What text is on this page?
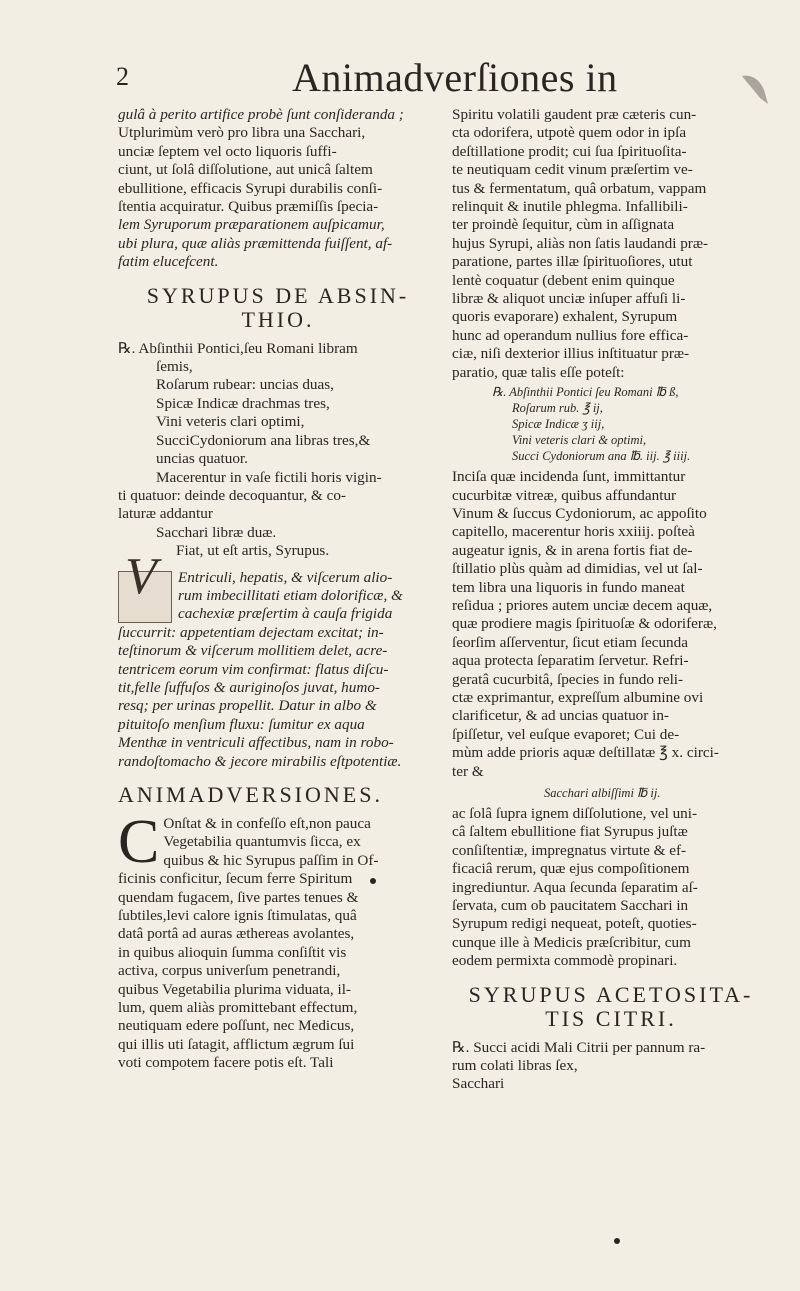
2	Animadverſiones in

gulâ à perito artifice probè ſunt conſideranda ;

Utplurimùm verò pro libra una Sacchari,

unciæ ſeptem vel octo liquoris ſuffi-

ciunt, ut ſolâ diſſolutione, aut unicâ ſaltem

ebullitione, efficacis Syrupi durabilis conſi-

ſtentia acquiratur. Quibus præmiſſis ſpecia-

lem Syruporum præparationem auſpicamur,

ubi plura, quæ aliàs præmittenda fuiſſent, af-

fatim elucefcent.

SYRUPUS DE ABSIN-
THIO.

℞. Abſinthii Pontici,ſeu Romani libram

ſemis,

Roſarum rubear: uncias duas,

Spicæ Indicæ drachmas tres,

Vini veteris clari optimi,

SucciCydoniorum ana libras tres,&

uncias quatuor.

Macerentur in vaſe fictili horis vigin-

ti quatuor: deinde decoquantur, & co-

laturæ addantur

Sacchari libræ duæ.

Fiat, ut eſt artis, Syrupus.

V	Entriculi, hepatis, & viſcerum alio-

rum imbecillitati etiam dolorificæ, &

cachexiæ præſertim à cauſa frigida

ſuccurrit: appetentiam dejectam excitat; in-

teſtinorum & viſcerum mollitiem delet, acre-

tentricem eorum vim confirmat: flatus diſcu-

tit,felle ſuffuſos & auriginoſos juvat, humo-

resq; per urinas propellit. Datur in albo &

pituitoſo menſium fluxu: ſumitur ex aqua

Menthæ in ventriculi affectibus, nam in robo-

randoſtomacho & jecore mirabilis eſtpotentiæ.

ANIMADVERSIONES.
C Onſtat & in confeſſo eſt,non pauca

Vegetabilia quantumvis ſicca, ex

quibus & hic Syrupus paſſim in Of-

ficinis conficitur, ſecum ferre Spiritum

quendam fugacem, ſive partes tenues &

ſubtiles,levi calore ignis ſtimulatas, quâ

datâ portâ ad auras æthereas avolantes,

in quibus alioquin ſumma conſiſtit vis

activa, corpus univerſum penetrandi,

quibus Vegetabilia plurima viduata, il-

lum, quem aliàs promittebant effectum,

neutiquam edere poſſunt, nec Medicus,

qui illis uti ſatagit, afflictum ægrum ſui

voti compotem facere potis eſt. Tali

Spiritu volatili gaudent præ cæteris cun-

cta odorifera, utpotè quem odor in ipſa

deſtillatione prodit; cui ſua ſpirituoſita-

te neutiquam cedit vinum præſertim ve-

tus & fermentatum, quâ orbatum, vappam

relinquit & inutile phlegma. Infallibili-

ter proindè ſequitur, cùm in aſſignata

hujus Syrupi, aliàs non ſatis laudandi præ-

paratione, partes illæ ſpirituoſiores, utut

lentè coquatur (debent enim quinque

libræ & aliquot unciæ inſuper affuſi li-

quoris evaporare) exhalent, Syrupum

hunc ad operandum nullius fore effica-

ciæ, niſi dexterior illius inſtituatur præ-

paratio, quæ talis eſſe poteſt:

℞. Abſinthii Pontici ſeu Romani ℔ ß,

Roſarum rub. ℥ ij,

Spicæ Indicæ ʒ iij,

Vini veteris clari & optimi,

Succi Cydoniorum ana ℔. iij. ℥ iiij.

Inciſa quæ incidenda ſunt, immittantur

cucurbitæ vitreæ, quibus affundantur

Vinum & ſuccus Cydoniorum, ac appoſito

capitello, macerentur horis xxiiij. poſteà

augeatur ignis, & in arena fortis fiat de-

ſtillatio plùs quàm ad dimidias, vel ut ſal-

tem libra una liquoris in fundo maneat

reſidua ; priores autem unciæ decem aquæ,

quæ prodiere magis ſpirituoſæ & odoriferæ,

ſeorſim aſſerventur, ſicut etiam ſecunda

aqua protecta ſeparatim ſervetur. Refri-

geratâ cucurbitâ, ſpecies in fundo reli-

ctæ exprimantur, expreſſum albumine ovi

clarificetur, & ad uncias quatuor in-

ſpiſſetur, vel euſque evaporet; Cui de-

mùm adde prioris aquæ deſtillatæ ℥ x. circi-

ter &

Sacchari albiſſimi ℔ ij.

ac ſolâ ſupra ignem diſſolutione, vel uni-

câ ſaltem ebullitione fiat Syrupus juſtæ

conſiſtentiæ, impregnatus virtute & ef-

ficaciâ rerum, quæ ejus compoſitionem

ingrediuntur. Aqua ſecunda ſeparatim aſ-

ſervata, cum ob paucitatem Sacchari in

Syrupum redigi nequeat, poteſt, quoties-

cunque ille à Medicis præſcribitur, cum

eodem permixta commodè propinari.

SYRUPUS ACETOSITA-
TIS CITRI.

℞. Succi acidi Mali Citrii per pannum ra-

rum colati libras ſex,

Sacchari
